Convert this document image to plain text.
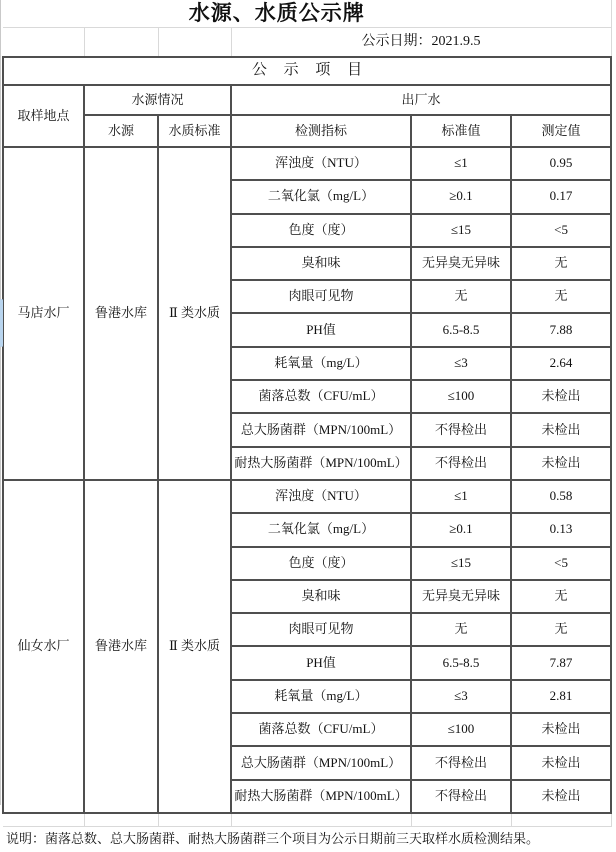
水源、水质公示牌					
			公示日期：2021.9.5		
公 示 项 目					
取样地点	水源情况		出厂水		
	水源	水质标准	检测指标	标准值	测定值
马店水厂	鲁港水库	Ⅱ 类水质	浑浊度（NTU）	≤1	0.95
			二氧化氯（mg/L）	≥0.1	0.17
			色度（度）	≤15	<5
			臭和味	无异臭无异味	无
			肉眼可见物	无	无
			PH值	6.5-8.5	7.88
			耗氧量（mg/L）	≤3	2.64
			菌落总数（CFU/mL）	≤100	未检出
			总大肠菌群（MPN/100mL）	不得检出	未检出
			耐热大肠菌群（MPN/100mL）	不得检出	未检出
仙女水厂	鲁港水库	Ⅱ 类水质	浑浊度（NTU）	≤1	0.58
			二氧化氯（mg/L）	≥0.1	0.13
			色度（度）	≤15	<5
			臭和味	无异臭无异味	无
			肉眼可见物	无	无
			PH值	6.5-8.5	7.87
			耗氧量（mg/L）	≤3	2.81
			菌落总数（CFU/mL）	≤100	未检出
			总大肠菌群（MPN/100mL）	不得检出	未检出
			耐热大肠菌群（MPN/100mL）	不得检出	未检出

说明：菌落总数、总大肠菌群、耐热大肠菌群三个项目为公示日期前三天取样水质检测结果。					
